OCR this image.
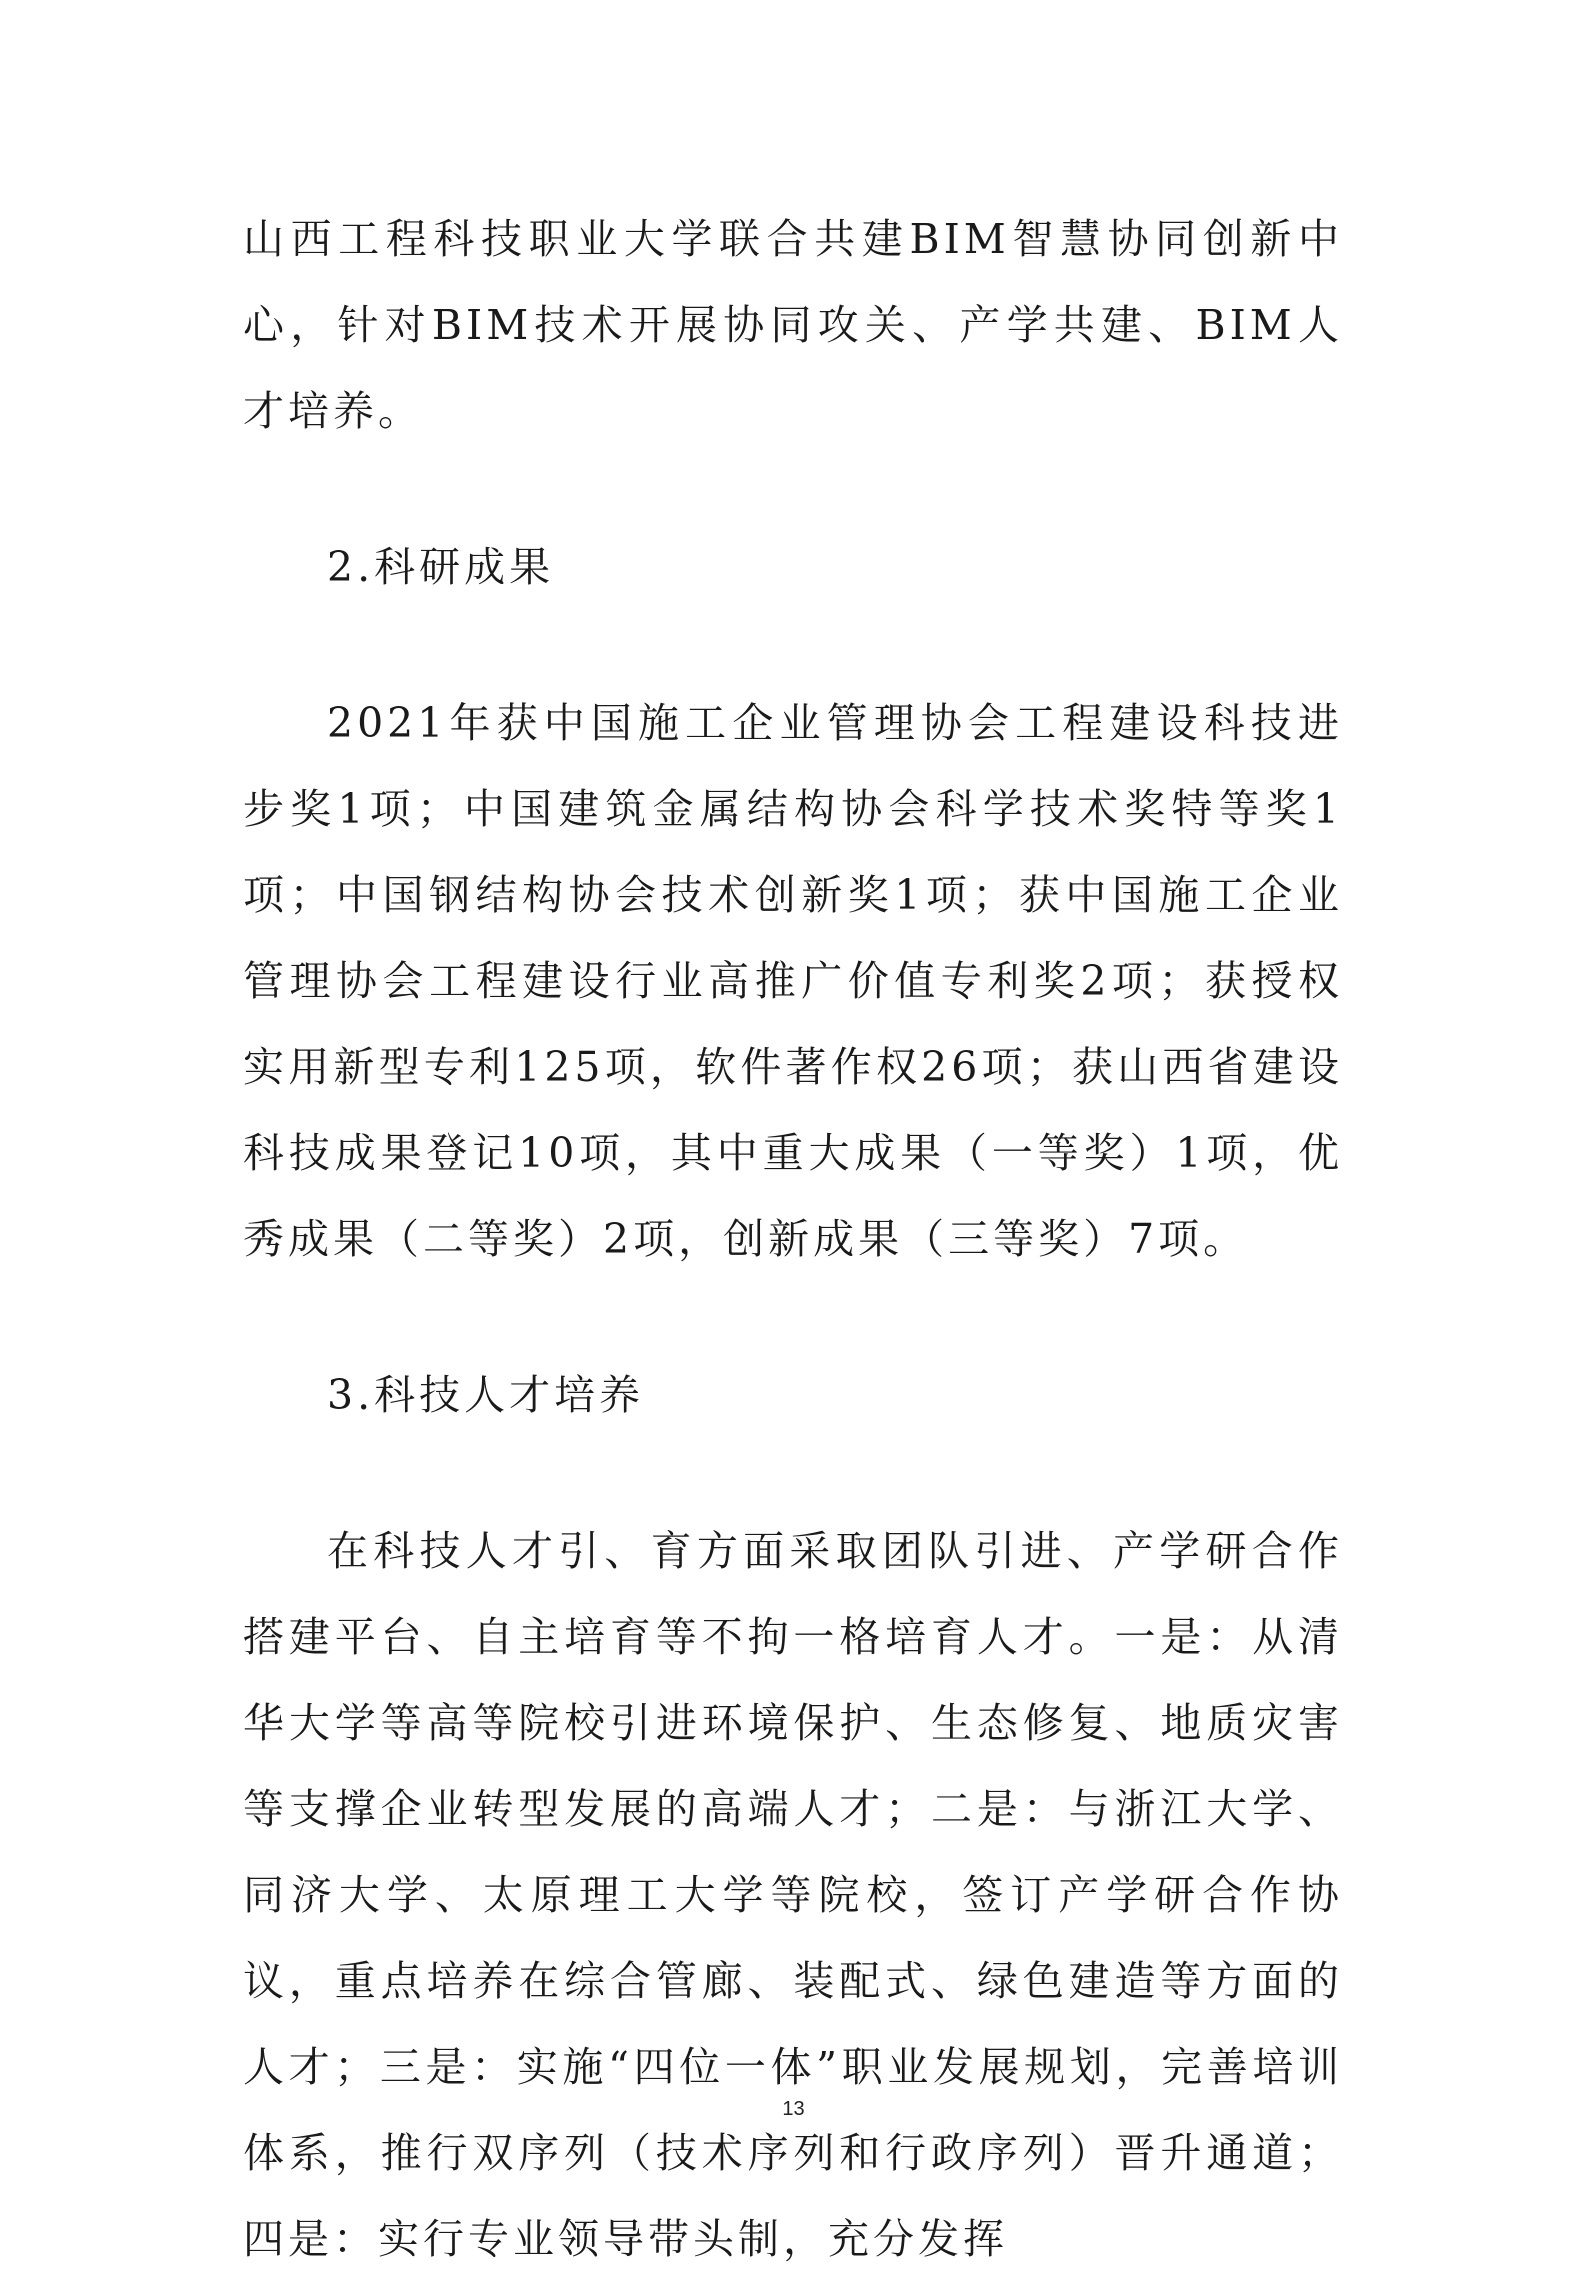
山西工程科技职业大学联合共建BIM智慧协同创新中心，针对BIM技术开展协同攻关、产学共建、BIM人才培养。

2.科研成果

2021年获中国施工企业管理协会工程建设科技进步奖1项；中国建筑金属结构协会科学技术奖特等奖1项；中国钢结构协会技术创新奖1项；获中国施工企业管理协会工程建设行业高推广价值专利奖2项；获授权实用新型专利125项，软件著作权26项；获山西省建设科技成果登记10项，其中重大成果（一等奖）1项，优秀成果（二等奖）2项，创新成果（三等奖）7项。

3.科技人才培养

在科技人才引、育方面采取团队引进、产学研合作搭建平台、自主培育等不拘一格培育人才。一是：从清华大学等高等院校引进环境保护、生态修复、地质灾害等支撑企业转型发展的高端人才；二是：与浙江大学、同济大学、太原理工大学等院校，签订产学研合作协议，重点培养在综合管廊、装配式、绿色建造等方面的人才；三是：实施“四位一体”职业发展规划，完善培训体系，推行双序列（技术序列和行政序列）晋升通道；四是：实行专业领导带头制，充分发挥

13
